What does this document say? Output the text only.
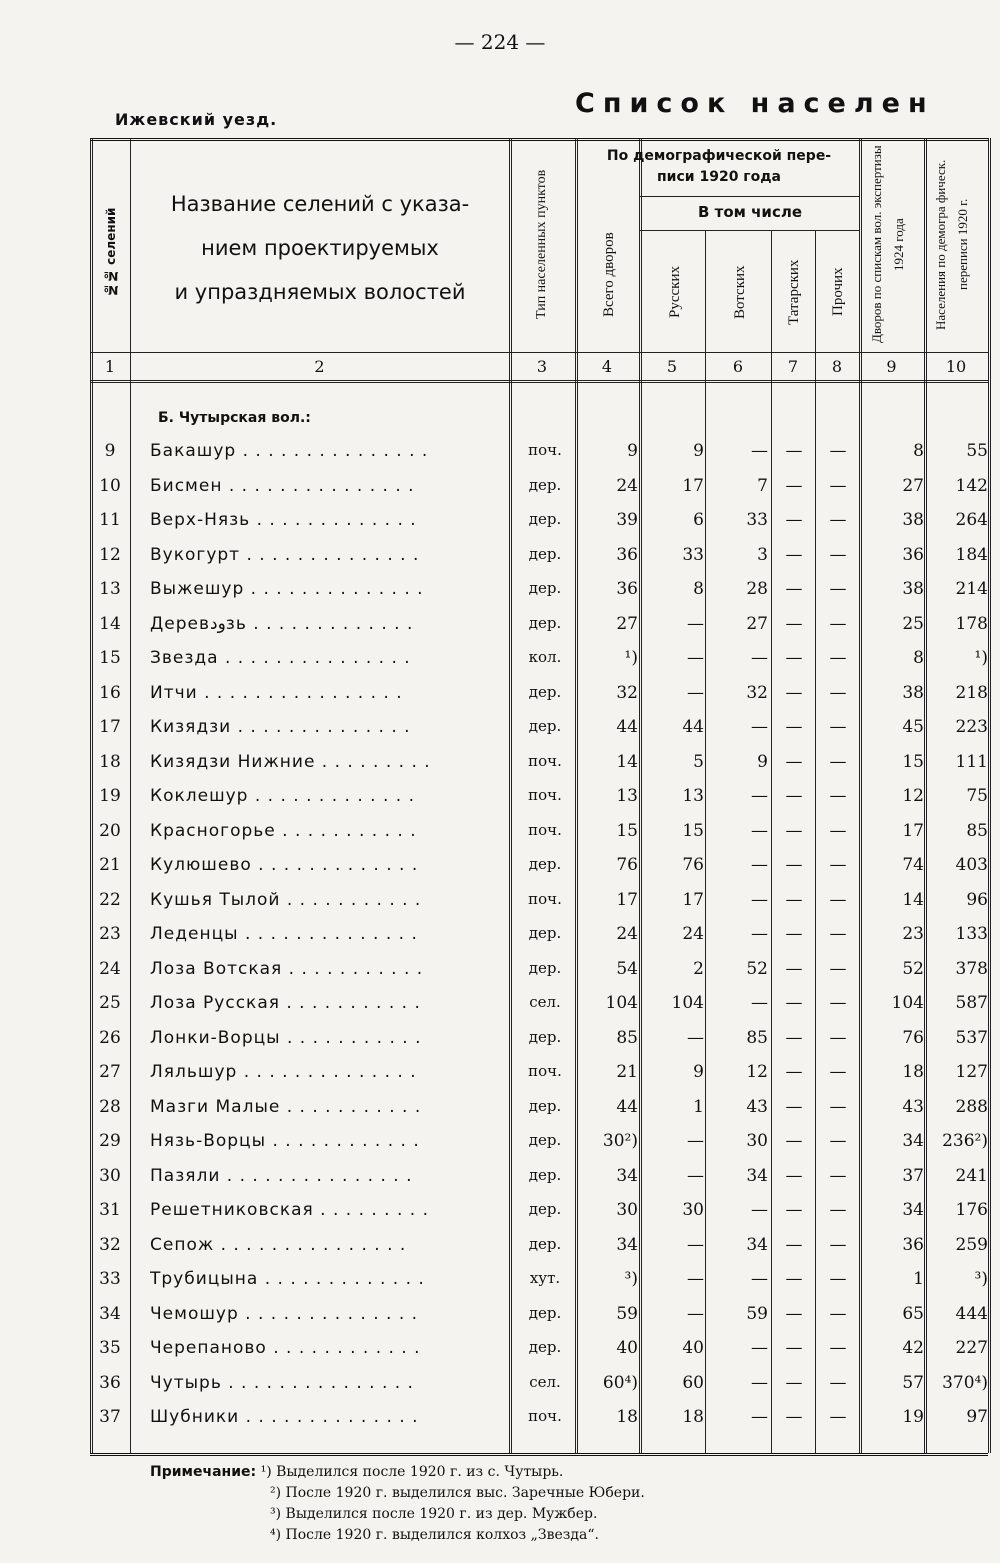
— 224 —
Ижевский уезд.
Список населен
№№ селений
Название селений с указа-
нием проектируемых
и упраздняемых волостей	Тип населенных пунктов
По демографической пере-
писи 1920 года
Всего дворов
В том числе
Русских	Вотских	Татарских	Прочих	Дворов по спискам вол. экспертизы 1924 года	Населения по демогра фическ. переписи 1920 г.
1	2	3	4	5	6	7	8	9	10
Б. Чутырская вол.:
9	Бакашур . . . . . . . . . . . . . . .	поч.	9	9	—	—	—	8	55
10	Бисмен . . . . . . . . . . . . . . .	дер.	24	17	7	—	—	27	142
11	Верх-Нязь . . . . . . . . . . . . .	дер.	39	6	33	—	—	38	264
12	Вукогурт . . . . . . . . . . . . . .	дер.	36	33	3	—	—	36	184
13	Выжешур . . . . . . . . . . . . . .	дер.	36	8	28	—	—	38	214
14	Деревودзь . . . . . . . . . . . . .	дер.	27	—	27	—	—	25	178
15	Звезда . . . . . . . . . . . . . . .	кол.	¹)	—	—	—	—	8	¹)
16	Итчи . . . . . . . . . . . . . . . .	дер.	32	—	32	—	—	38	218
17	Кизядзи . . . . . . . . . . . . . .	дер.	44	44	—	—	—	45	223
18	Кизядзи Нижние . . . . . . . . .	поч.	14	5	9	—	—	15	111
19	Коклешур . . . . . . . . . . . . .	поч.	13	13	—	—	—	12	75
20	Красногорье . . . . . . . . . . .	поч.	15	15	—	—	—	17	85
21	Кулюшево . . . . . . . . . . . . .	дер.	76	76	—	—	—	74	403
22	Кушья Тылой . . . . . . . . . . .	поч.	17	17	—	—	—	14	96
23	Леденцы . . . . . . . . . . . . . .	дер.	24	24	—	—	—	23	133
24	Лоза Вотская . . . . . . . . . . .	дер.	54	2	52	—	—	52	378
25	Лоза Русская . . . . . . . . . . .	сел.	104	104	—	—	—	104	587
26	Лонки-Ворцы . . . . . . . . . . .	дер.	85	—	85	—	—	76	537
27	Ляльшур . . . . . . . . . . . . . .	поч.	21	9	12	—	—	18	127
28	Мазги Малые . . . . . . . . . . .	дер.	44	1	43	—	—	43	288
29	Нязь-Ворцы . . . . . . . . . . . .	дер.	30²)	—	30	—	—	34	236²)
30	Пазяли . . . . . . . . . . . . . . .	дер.	34	—	34	—	—	37	241
31	Решетниковская . . . . . . . . .	дер.	30	30	—	—	—	34	176
32	Сепож . . . . . . . . . . . . . . .	дер.	34	—	34	—	—	36	259
33	Трубицына . . . . . . . . . . . . .	хут.	³)	—	—	—	—	1	³)
34	Чемошур . . . . . . . . . . . . . .	дер.	59	—	59	—	—	65	444
35	Черепаново . . . . . . . . . . . .	дер.	40	40	—	—	—	42	227
36	Чутырь . . . . . . . . . . . . . . .	сел.	60⁴)	60	—	—	—	57	370⁴)
37	Шубники . . . . . . . . . . . . . .	поч.	18	18	—	—	—	19	97
Примечание: ¹) Выделился после 1920 г. из с. Чутырь.
²) После 1920 г. выделился выс. Заречные Юбери.
³) Выделился после 1920 г. из дер. Мужбер.
⁴) После 1920 г. выделился колхоз „Звезда“.
